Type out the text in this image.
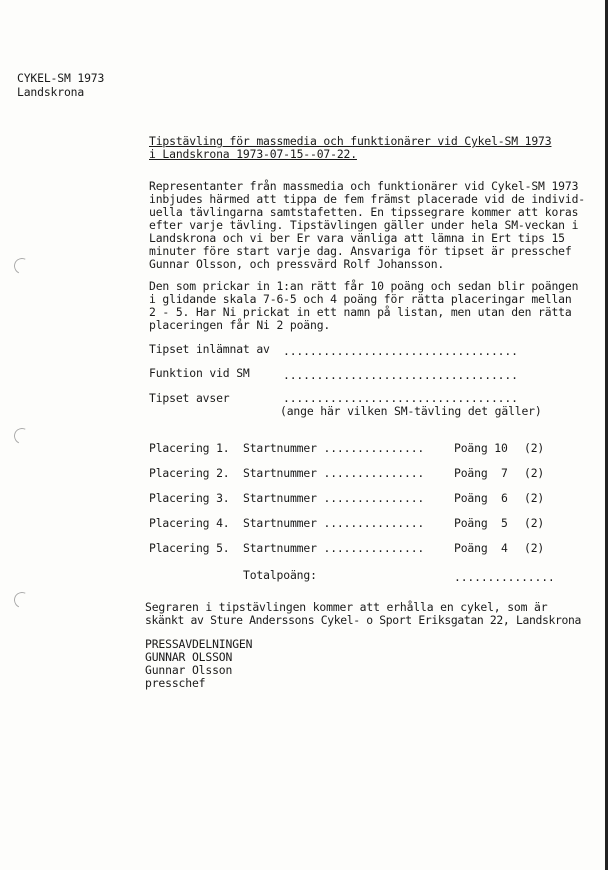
CYKEL-SM 1973
Landskrona
Tipstävling för massmedia och funktionärer vid Cykel-SM 1973
i Landskrona 1973-07-15--07-22.
Representanter från massmedia och funktionärer vid Cykel-SM 1973
inbjudes härmed att tippa de fem främst placerade vid de individ-
uella tävlingarna samtstafetten. En tipssegrare kommer att koras
efter varje tävling. Tipstävlingen gäller under hela SM-veckan i
Landskrona och vi ber Er vara vänliga att lämna in Ert tips 15
minuter före start varje dag. Ansvariga för tipset är presschef
Gunnar Olsson, och pressvärd Rolf Johansson.
Den som prickar in 1:an rätt får 10 poäng och sedan blir poängen
i glidande skala 7-6-5 och 4 poäng för rätta placeringar mellan
2 - 5. Har Ni prickat in ett namn på listan, men utan den rätta
placeringen får Ni 2 poäng.
Tipset inlämnat av ...................................
Funktion vid SM	...................................
Tipset avser	...................................
(ange här vilken SM-tävling det gäller)
Placering 1. Startnummer ...............	Poäng 10 (2)
Placering 2. Startnummer ...............	Poäng  7 (2)
Placering 3. Startnummer ...............	Poäng  6 (2)
Placering 4. Startnummer ...............	Poäng  5 (2)
Placering 5. Startnummer ...............	Poäng  4 (2)
Totalpoäng:	...............
Segraren i tipstävlingen kommer att erhålla en cykel, som är
skänkt av Sture Anderssons Cykel- o Sport Eriksgatan 22, Landskrona
PRESSAVDELNINGEN
GUNNAR OLSSON
Gunnar Olsson
presschef
